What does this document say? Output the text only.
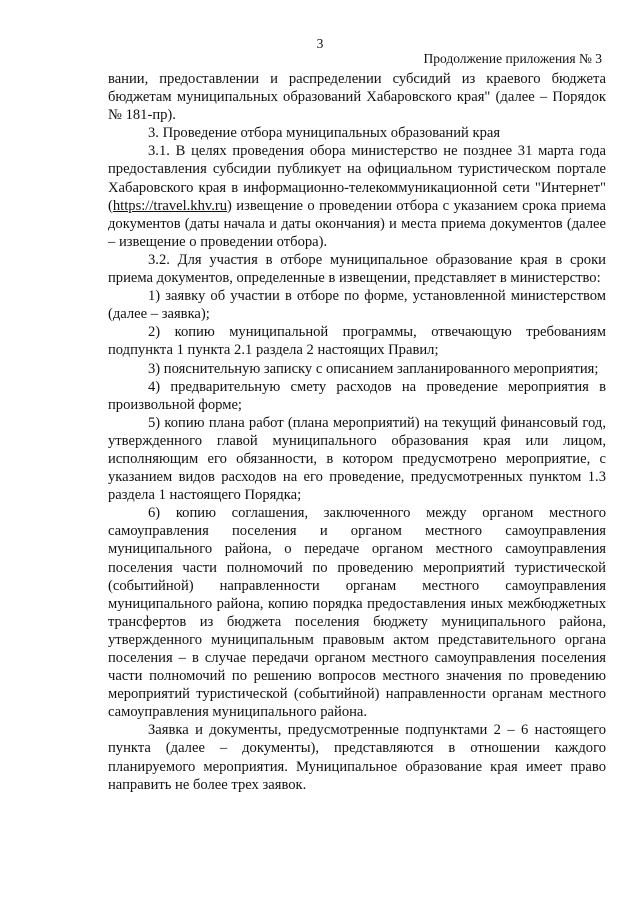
3
Продолжение приложения № 3

вании, предоставлении и распределении субсидий из краевого бюджета бюджетам муниципальных образований Хабаровского края" (далее – Порядок № 181-пр).

3. Проведение отбора муниципальных образований края

3.1. В целях проведения обора министерство не позднее 31 марта года предоставления субсидии публикует на официальном туристическом портале Хабаровского края в информационно-телекоммуникационной сети "Интернет" (https://travel.khv.ru) извещение о проведении отбора с указанием срока приема документов (даты начала и даты окончания) и места приема документов (далее – извещение о проведении отбора).

3.2. Для участия в отборе муниципальное образование края в сроки приема документов, определенные в извещении, представляет в министерство:

1) заявку об участии в отборе по форме, установленной министерством (далее – заявка);

2) копию муниципальной программы, отвечающую требованиям подпункта 1 пункта 2.1 раздела 2 настоящих Правил;

3) пояснительную записку с описанием запланированного мероприятия;

4) предварительную смету расходов на проведение мероприятия в произвольной форме;

5) копию плана работ (плана мероприятий) на текущий финансовый год, утвержденного главой муниципального образования края или лицом, исполняющим его обязанности, в котором предусмотрено мероприятие, с указанием видов расходов на его проведение, предусмотренных пунктом 1.3 раздела 1 настоящего Порядка;

6) копию соглашения, заключенного между органом местного самоуправления поселения и органом местного самоуправления муниципального района, о передаче органом местного самоуправления поселения части полномочий по проведению мероприятий туристической (событийной) направленности органам местного самоуправления муниципального района, копию порядка предоставления иных межбюджетных трансфертов из бюджета поселения бюджету муниципального района, утвержденного муниципальным правовым актом представительного органа поселения – в случае передачи органом местного самоуправления поселения части полномочий по решению вопросов местного значения по проведению мероприятий туристической (событийной) направленности органам местного самоуправления муниципального района.

Заявка и документы, предусмотренные подпунктами 2 – 6 настоящего пункта (далее – документы), представляются в отношении каждого планируемого мероприятия. Муниципальное образование края имеет право направить не более трех заявок.
